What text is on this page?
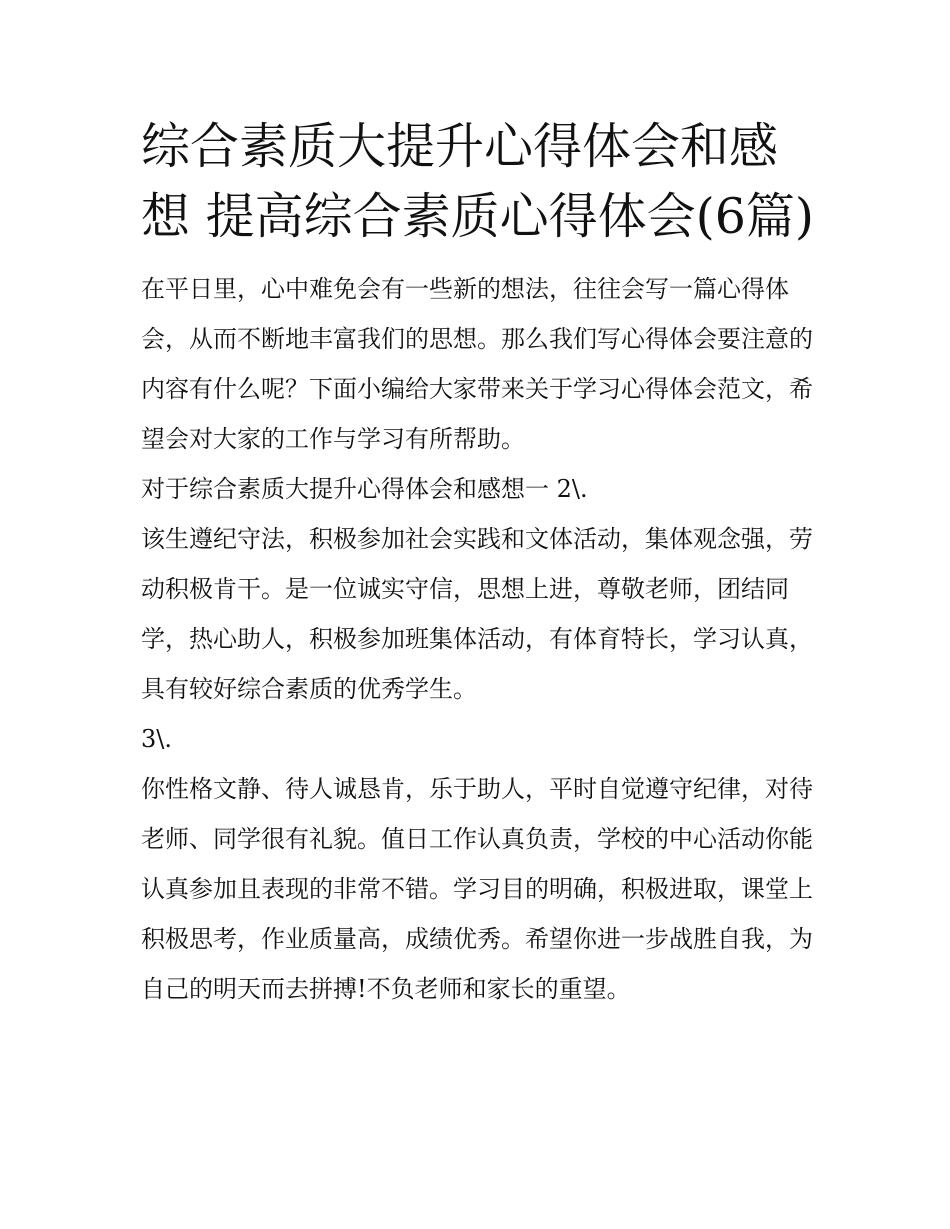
综合素质大提升心得体会和感想 提高综合素质心得体会(6篇)

在平日里，心中难免会有一些新的想法，往往会写一篇心得体会，从而不断地丰富我们的思想。那么我们写心得体会要注意的内容有什么呢？下面小编给大家带来关于学习心得体会范文，希望会对大家的工作与学习有所帮助。

对于综合素质大提升心得体会和感想一 2\.

该生遵纪守法，积极参加社会实践和文体活动，集体观念强，劳动积极肯干。是一位诚实守信，思想上进，尊敬老师，团结同学，热心助人，积极参加班集体活动，有体育特长，学习认真，具有较好综合素质的优秀学生。

3\.

你性格文静、待人诚恳肯，乐于助人，平时自觉遵守纪律，对待老师、同学很有礼貌。值日工作认真负责，学校的中心活动你能认真参加且表现的非常不错。学习目的明确，积极进取，课堂上积极思考，作业质量高，成绩优秀。希望你进一步战胜自我，为自己的明天而去拼搏!不负老师和家长的重望。
